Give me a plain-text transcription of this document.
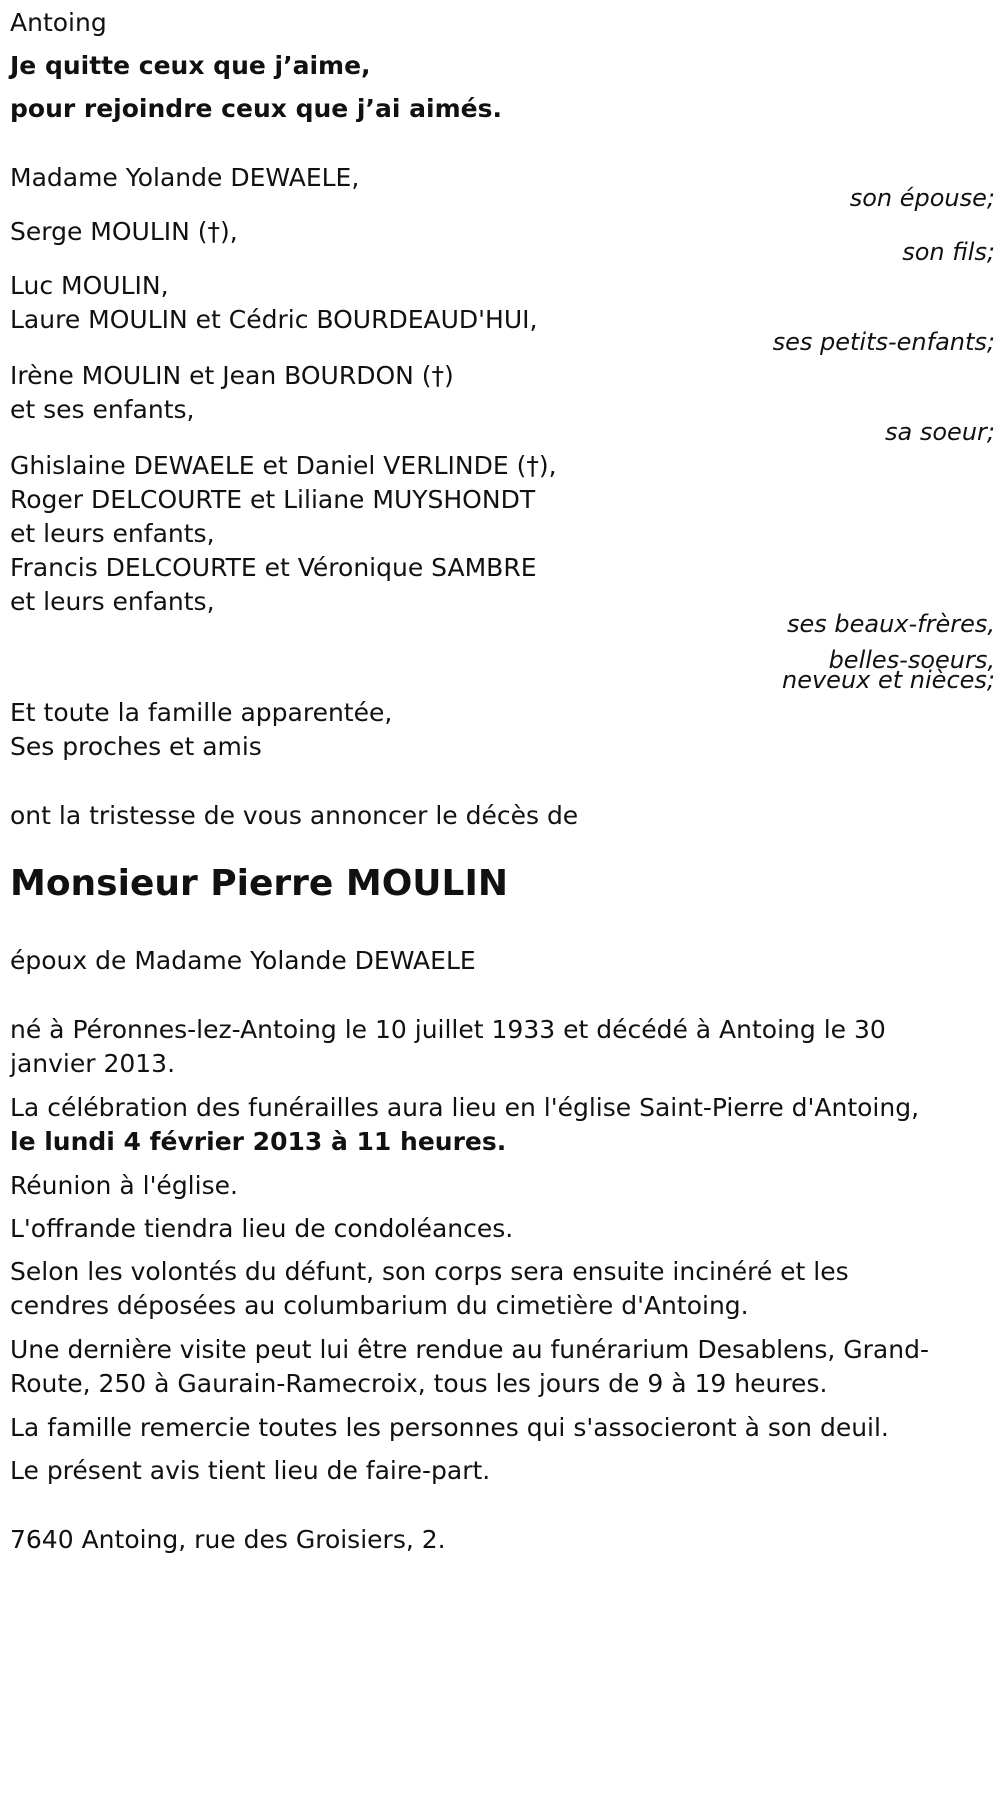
Antoing
Je quitte ceux que j’aime,
pour rejoindre ceux que j’ai aimés.
Madame Yolande DEWAELE,
son épouse;
Serge MOULIN (†),
son fils;
Luc MOULIN,
Laure MOULIN et Cédric BOURDEAUD'HUI,
ses petits-enfants;
Irène MOULIN et Jean BOURDON (†)
et ses enfants,
sa soeur;
Ghislaine DEWAELE et Daniel VERLINDE (†),
Roger DELCOURTE et Liliane MUYSHONDT
et leurs enfants,
Francis DELCOURTE et Véronique SAMBRE
et leurs enfants,
ses beaux-frères,
belles-soeurs,
neveux et nièces;
Et toute la famille apparentée,
Ses proches et amis
ont la tristesse de vous annoncer le décès de
Monsieur Pierre MOULIN
époux de Madame Yolande DEWAELE
né à Péronnes-lez-Antoing le 10 juillet 1933 et décédé à Antoing le 30
janvier 2013.
La célébration des funérailles aura lieu en l'église Saint-Pierre d'Antoing,
le lundi 4 février 2013 à 11 heures.
Réunion à l'église.
L'offrande tiendra lieu de condoléances.
Selon les volontés du défunt, son corps sera ensuite incinéré et les
cendres déposées au columbarium du cimetière d'Antoing.
Une dernière visite peut lui être rendue au funérarium Desablens, Grand-
Route, 250 à Gaurain-Ramecroix, tous les jours de 9 à 19 heures.
La famille remercie toutes les personnes qui s'associeront à son deuil.
Le présent avis tient lieu de faire-part.
7640 Antoing, rue des Groisiers, 2.
